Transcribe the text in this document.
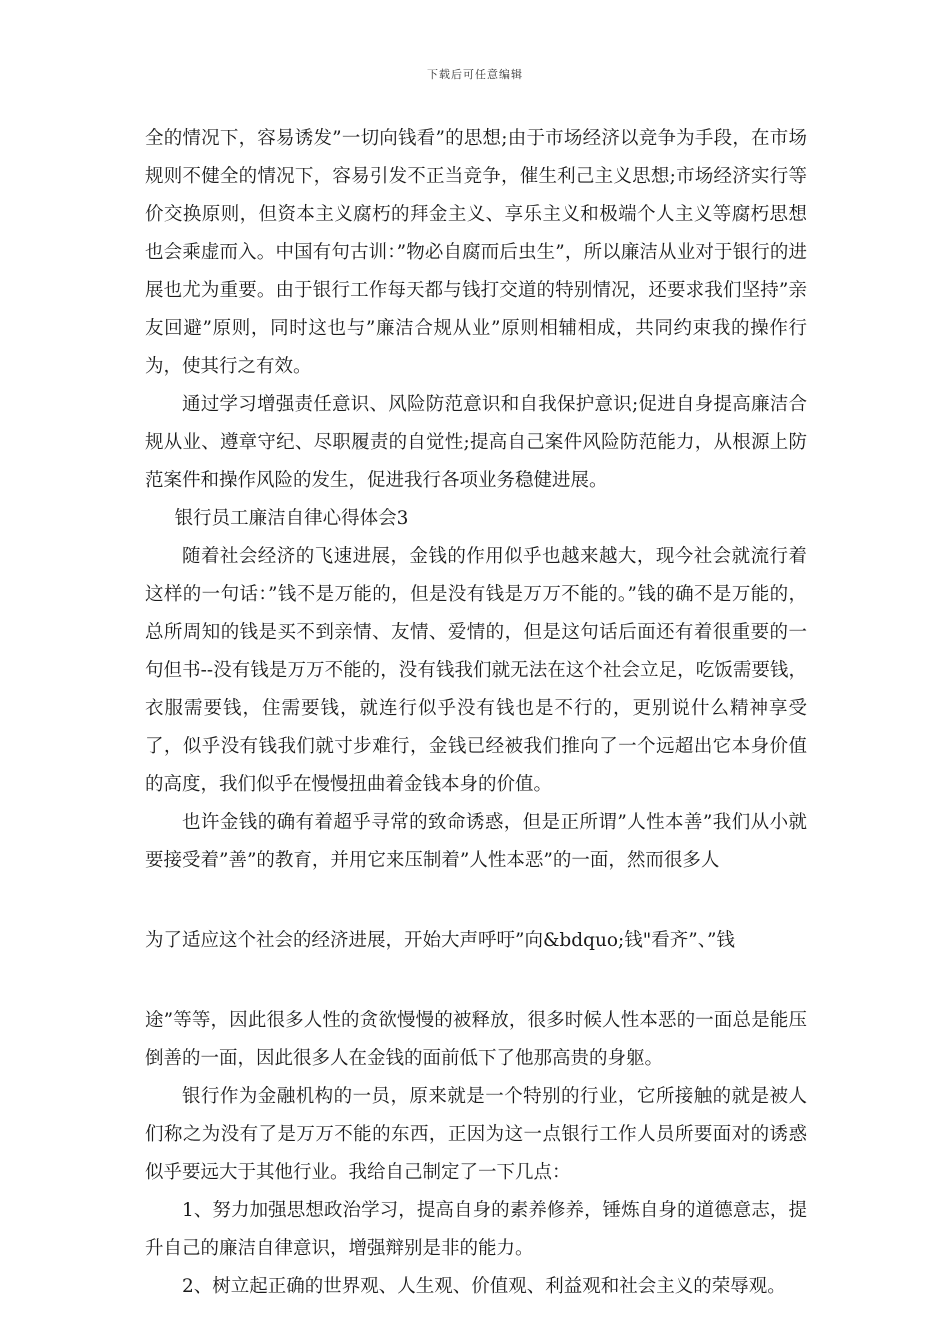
下载后可任意编辑

全的情况下，容易诱发”一切向钱看”的思想;由于市场经济以竞争为手段，在市场规则不健全的情况下，容易引发不正当竞争，催生利己主义思想;市场经济实行等价交换原则，但资本主义腐朽的拜金主义、享乐主义和极端个人主义等腐朽思想也会乘虚而入。中国有句古训：”物必自腐而后虫生”，所以廉洁从业对于银行的进展也尤为重要。由于银行工作每天都与钱打交道的特别情况，还要求我们坚持”亲友回避”原则，同时这也与”廉洁合规从业”原则相辅相成，共同约束我的操作行为，使其行之有效。

通过学习增强责任意识、风险防范意识和自我保护意识;促进自身提高廉洁合规从业、遵章守纪、尽职履责的自觉性;提高自己案件风险防范能力，从根源上防范案件和操作风险的发生，促进我行各项业务稳健进展。

银行员工廉洁自律心得体会3

随着社会经济的飞速进展，金钱的作用似乎也越来越大，现今社会就流行着这样的一句话：”钱不是万能的，但是没有钱是万万不能的。”钱的确不是万能的，总所周知的钱是买不到亲情、友情、爱情的，但是这句话后面还有着很重要的一句但书--没有钱是万万不能的，没有钱我们就无法在这个社会立足，吃饭需要钱，衣服需要钱，住需要钱，就连行似乎没有钱也是不行的，更别说什么精神享受了，似乎没有钱我们就寸步难行，金钱已经被我们推向了一个远超出它本身价值的高度，我们似乎在慢慢扭曲着金钱本身的价值。

也许金钱的确有着超乎寻常的致命诱惑，但是正所谓”人性本善”我们从小就要接受着”善”的教育，并用它来压制着”人性本恶”的一面，然而很多人

为了适应这个社会的经济进展，开始大声呼吁”向&bdquo;钱"看齐”、”钱

途”等等，因此很多人性的贪欲慢慢的被释放，很多时候人性本恶的一面总是能压倒善的一面，因此很多人在金钱的面前低下了他那高贵的身躯。

银行作为金融机构的一员，原来就是一个特别的行业，它所接触的就是被人们称之为没有了是万万不能的东西，正因为这一点银行工作人员所要面对的诱惑似乎要远大于其他行业。我给自己制定了一下几点：

1、努力加强思想政治学习，提高自身的素养修养，锤炼自身的道德意志，提升自己的廉洁自律意识，增强辩别是非的能力。

2、树立起正确的世界观、人生观、价值观、利益观和社会主义的荣辱观。
